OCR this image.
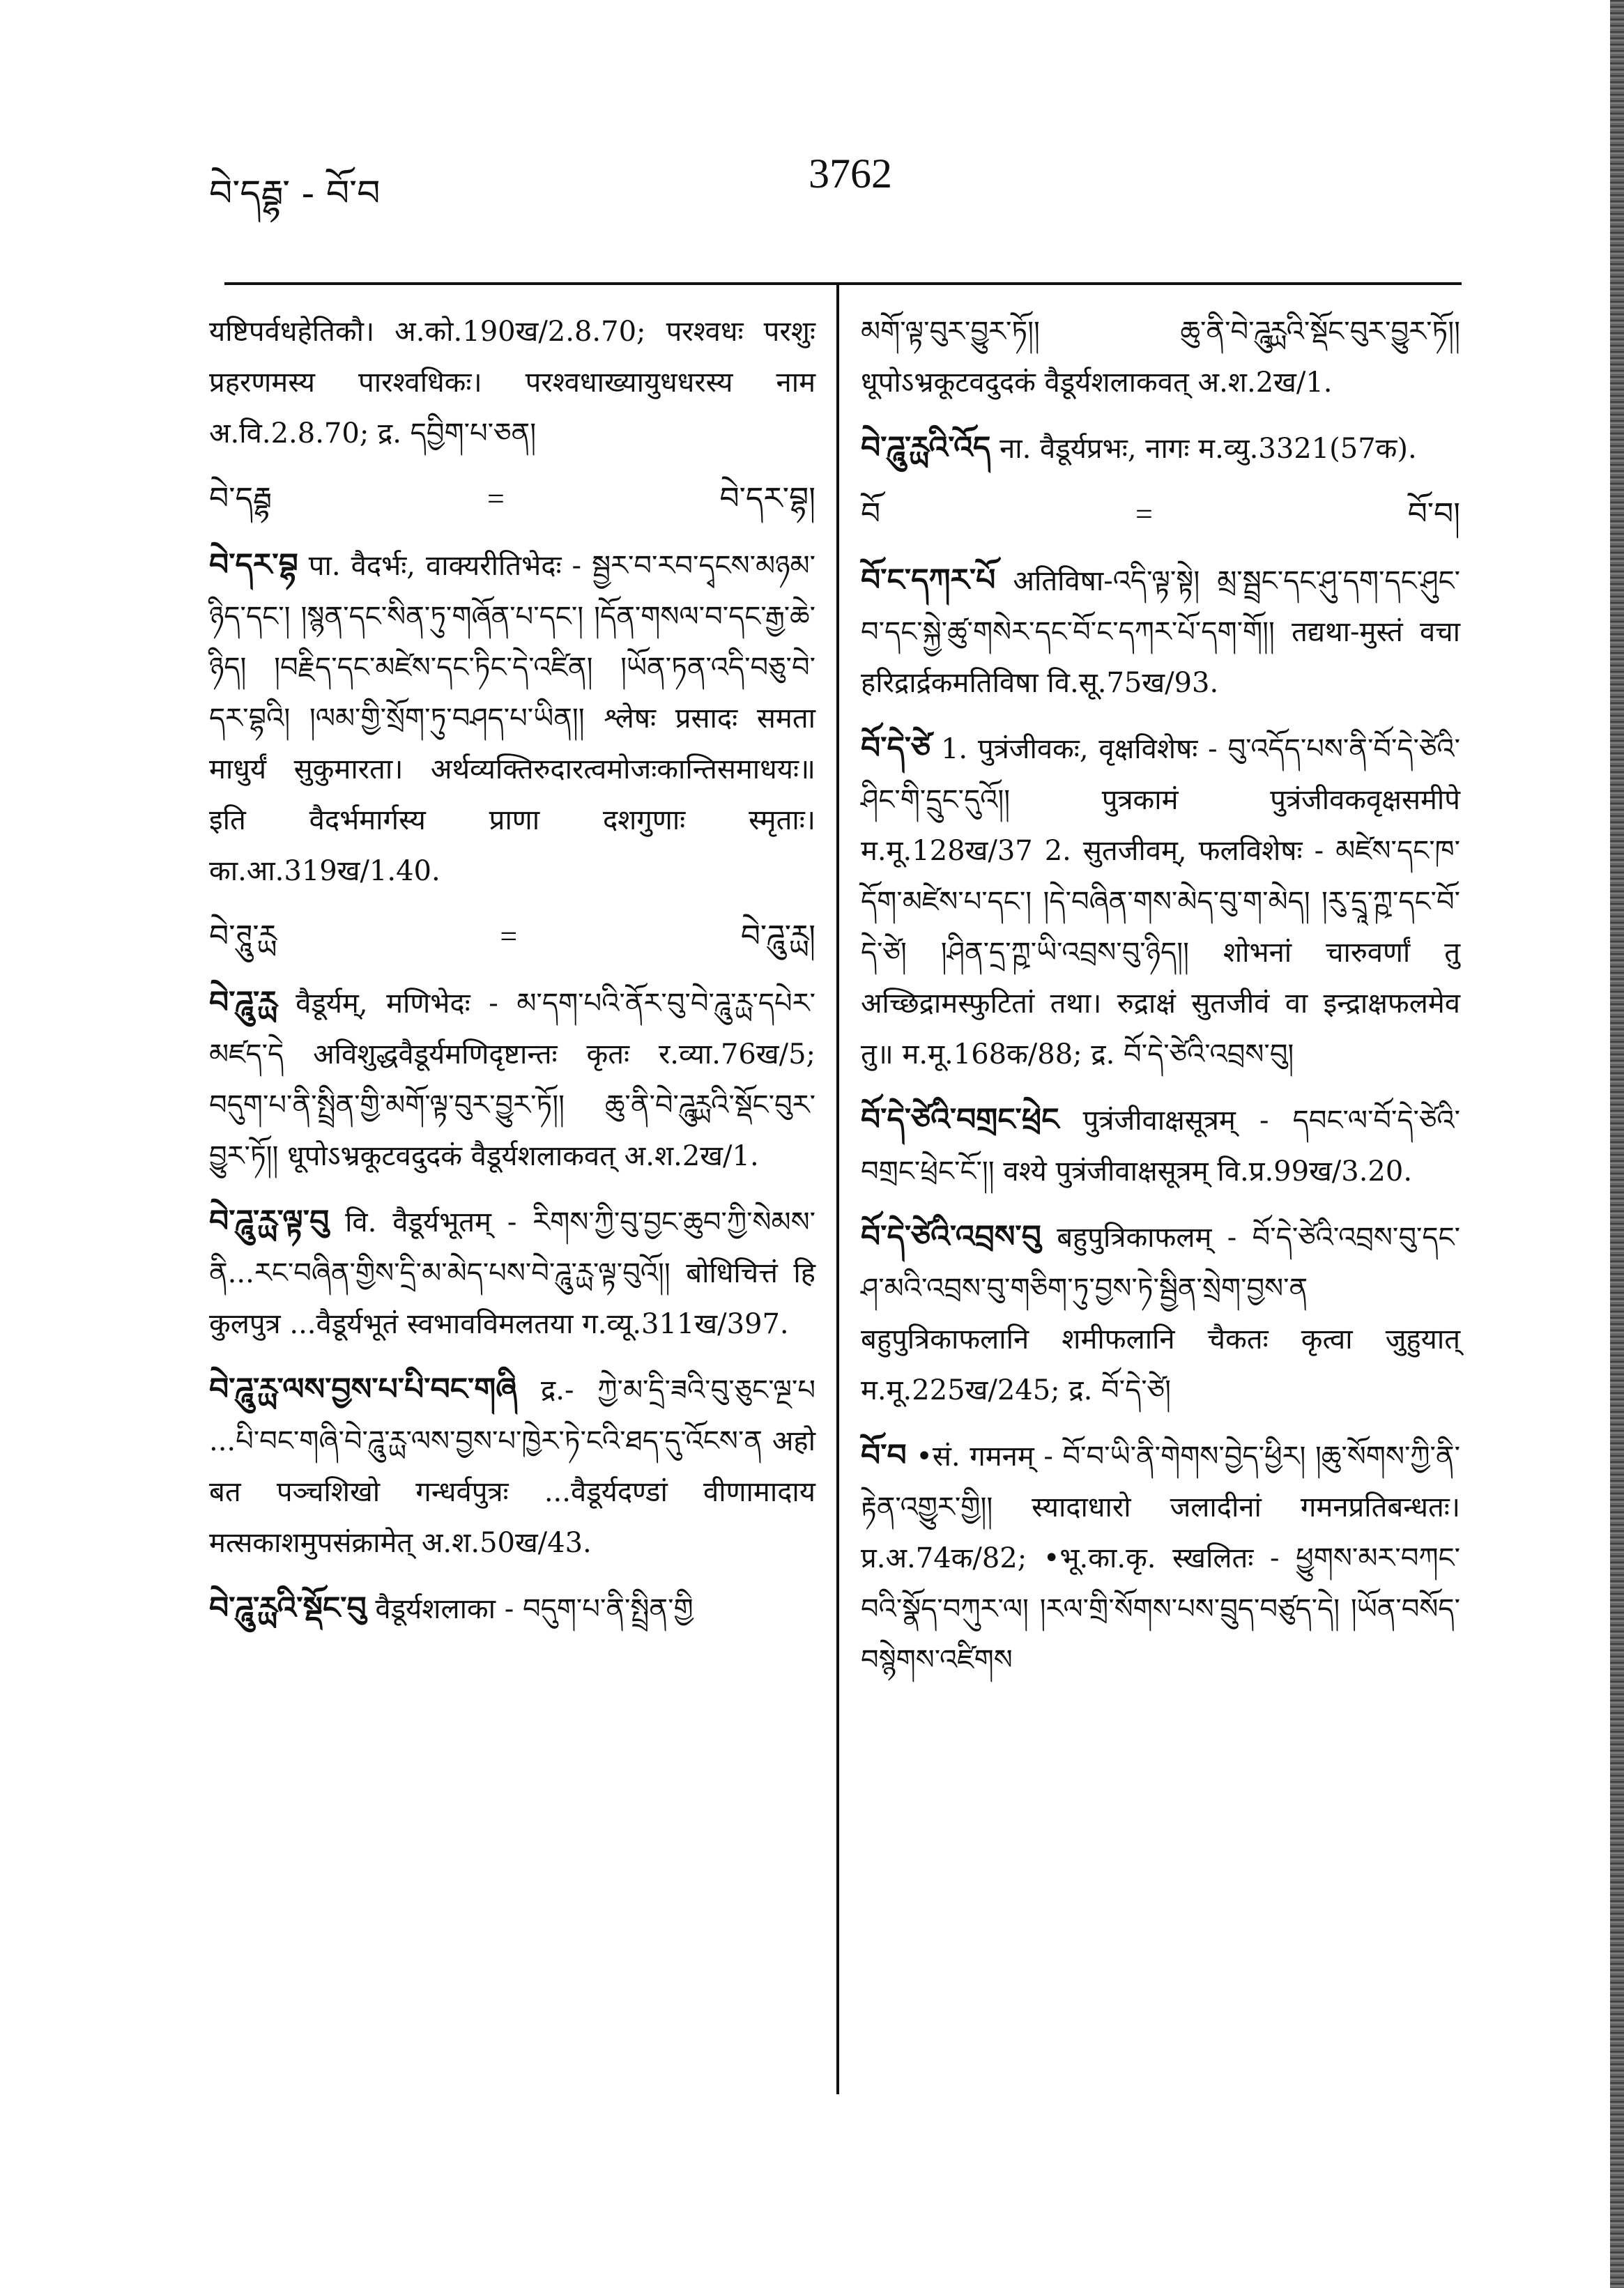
བེ་དརྦྷ་ - བོ་བ	3762
यष्टिपर्वधहेतिकौ। अ.को.190ख/2.8.70; परश्वधः परशुः प्रहरणमस्य पारश्वधिकः। परश्वधाख्यायुधधरस्य नाम अ.वि.2.8.70; द्र. དབྱིག་པ་ཅན།
བེ་དརྦྷ	=	བེ་དར་བྷ།
བེ་དར་བྷ पा. वैदर्भः, वाक्यरीतिभेदः - སྦྱར་བ་རབ་དྭངས་མཉམ་ཉིད་དང་། །སྙན་དང་སིན་ཏུ་གཞོན་པ་དང་། །དོན་གསལ་བ་དང་རྒྱ་ཆེ་ཉིད། །བརྗིད་དང་མཛེས་དང་ཏིང་དེ་འཛིན། །ཡོན་ཏན་འདི་བཅུ་བེ་དར་བྷའི། །ལམ་གྱི་སྲོག་ཏུ་བཤད་པ་ཡིན།། श्लेषः प्रसादः समता माधुर्यं सुकुमारता। अर्थव्यक्तिरुदारत्वमोजःकान्तिसमाधयः॥ इति वैदर्भमार्गस्य प्राणा दशगुणाः स्मृताः। का.आ.319ख/1.40.
བེ་ཊཱུ་ཪྻ	=	བེ་ཌཱུ་ཪྻ།
བེ་ཌཱུ་ཪྻ वैडूर्यम्, मणिभेदः - མ་དག་པའི་ནོར་བུ་བེ་ཌཱུ་ཪྻ་དཔེར་མཛད་དེ अविशुद्धवैडूर्यमणिदृष्टान्तः कृतः र.व्या.76ख/5; བདུག་པ་ནི་སྤྲིན་གྱི་མགོ་ལྟ་བུར་བྱུར་ཏོ།། ཆུ་ནི་བེ་ཌཱུཪྻའི་སྡོང་བུར་བྱུར་ཏོ།། धूपोऽभ्रकूटवदुदकं वैडूर्यशलाकवत् अ.श.2ख/1.
བེ་ཌཱུ་ཪྻ་ལྟ་བུ वि. वैडूर्यभूतम् - རིགས་ཀྱི་བུ་བྱང་ཆུབ་ཀྱི་སེམས་ནི...རང་བཞིན་གྱིས་དྲི་མ་མེད་པས་བེ་ཌཱུ་ཪྻ་ལྟ་བུའོ།། बोधिचित्तं हि कुलपुत्र ...वैडूर्यभूतं स्वभावविमलतया ग.व्यू.311ख/397.
བེ་ཌཱུ་ཪྻ་ལས་བྱས་པ་པི་བང་གཞི द्र.- ཀྱེ་མ་དྲི་ཟའི་བུ་ཅུང་ལྔ་པ ...པི་བང་གཞི་བེ་ཌཱུ་ཪྻ་ལས་བྱས་པ་ཁྱེར་ཏེ་ངའི་ཐད་དུ་འོངས་ན अहो बत पञ्चशिखो गन्धर्वपुत्रः ...वैडूर्यदण्डां वीणामादाय मत्सकाशमुपसंक्रामेत् अ.श.50ख/43.
བེ་ཌཱུ་ཪྻའི་སྡོང་བུ वैडूर्यशलाका - བདུག་པ་ནི་སྤྲིན་གྱི
མགོ་ལྟ་བུར་བྱུར་ཏོ།། ཆུ་ནི་བེ་ཌཱུཪྻའི་སྡོང་བུར་བྱུར་ཏོ།། धूपोऽभ्रकूटवदुदकं वैडूर्यशलाकवत् अ.श.2ख/1.
བེ་ཌཱུ་ཪྻའི་འོད ना. वैडूर्यप्रभः, नागः म.व्यु.3321(57क).
བོ	=	བོ་བ།
བོ་ང་དཀར་པོ अतिविषा-འདི་ལྟ་སྟེ། མྲ་སྦྲང་དང་ཤུ་དག་དང་ཤུང་བ་དང་སྐྱེ་ཚུ་གསེར་དང་བོ་ང་དཀར་པོ་དག་གོ།། तद्यथा-मुस्तं वचा हरिद्रार्द्रकमतिविषा वि.सू.75ख/93.
བོ་དེ་ཙེ 1. पुत्रंजीवकः, वृक्षविशेषः - བུ་འདོད་པས་ནི་བོ་དེ་ཙེའི་ཤིང་གི་དྲུང་དུའོ།། पुत्रकामं पुत्रंजीवकवृक्षसमीपे म.मू.128ख/37 2. सुतजीवम्, फलविशेषः - མཛེས་དང་ཁ་དོག་མཛེས་པ་དང་། །དེ་བཞིན་གས་མེད་བུ་ག་མེད། །རུ་དྲཱ་ཀྵ་དང་བོ་དེ་ཙེ། །ཤིན་དྲ་ཀྵ་ཡི་འབྲས་བུ་ཉིད།། शोभनां चारुवर्णां तु अच्छिद्रामस्फुटितां तथा। रुद्राक्षं सुतजीवं वा इन्द्राक्षफलमेव तु॥ म.मू.168क/88; द्र. བོ་དེ་ཙེའི་འབྲས་བུ།
བོ་དེ་ཙེའི་བགྲང་ཕྲེང पुत्रंजीवाक्षसूत्रम् - དབང་ལ་བོ་དེ་ཙེའི་བགྲང་ཕྲེང་ངོ་།། वश्ये पुत्रंजीवाक्षसूत्रम् वि.प्र.99ख/3.20.
བོ་དེ་ཙེའི་འབྲས་བུ बहुपुत्रिकाफलम् - བོ་དེ་ཙེའི་འབྲས་བུ་དང་ཤ་མའི་འབྲས་བུ་གཅིག་ཏུ་བྱས་ཏེ་སྦྱིན་སྲེག་བྱས་ན बहुपुत्रिकाफलानि शमीफलानि चैकतः कृत्वा जुहुयात् म.मू.225ख/245; द्र. བོ་དེ་ཙེ།
བོ་བ •सं. गमनम् - བོ་བ་ཡི་ནི་གེགས་བྱེད་ཕྱིར། །ཆུ་སོགས་ཀྱི་ནི་རྟེན་འགྱུར་གྱི།། स्यादाधारो जलादीनां गमनप्रतिबन्धतः। प्र.अ.74क/82; •भू.का.कृ. स्खलितः - ཕྱུགས་མར་བཀང་བའི་སྣོད་བཀུར་ལ། །རལ་གྲི་སོགས་པས་བྲུད་བཙུད་དེ། །ཡོན་བསོད་བསྙེགས་འཛིགས
